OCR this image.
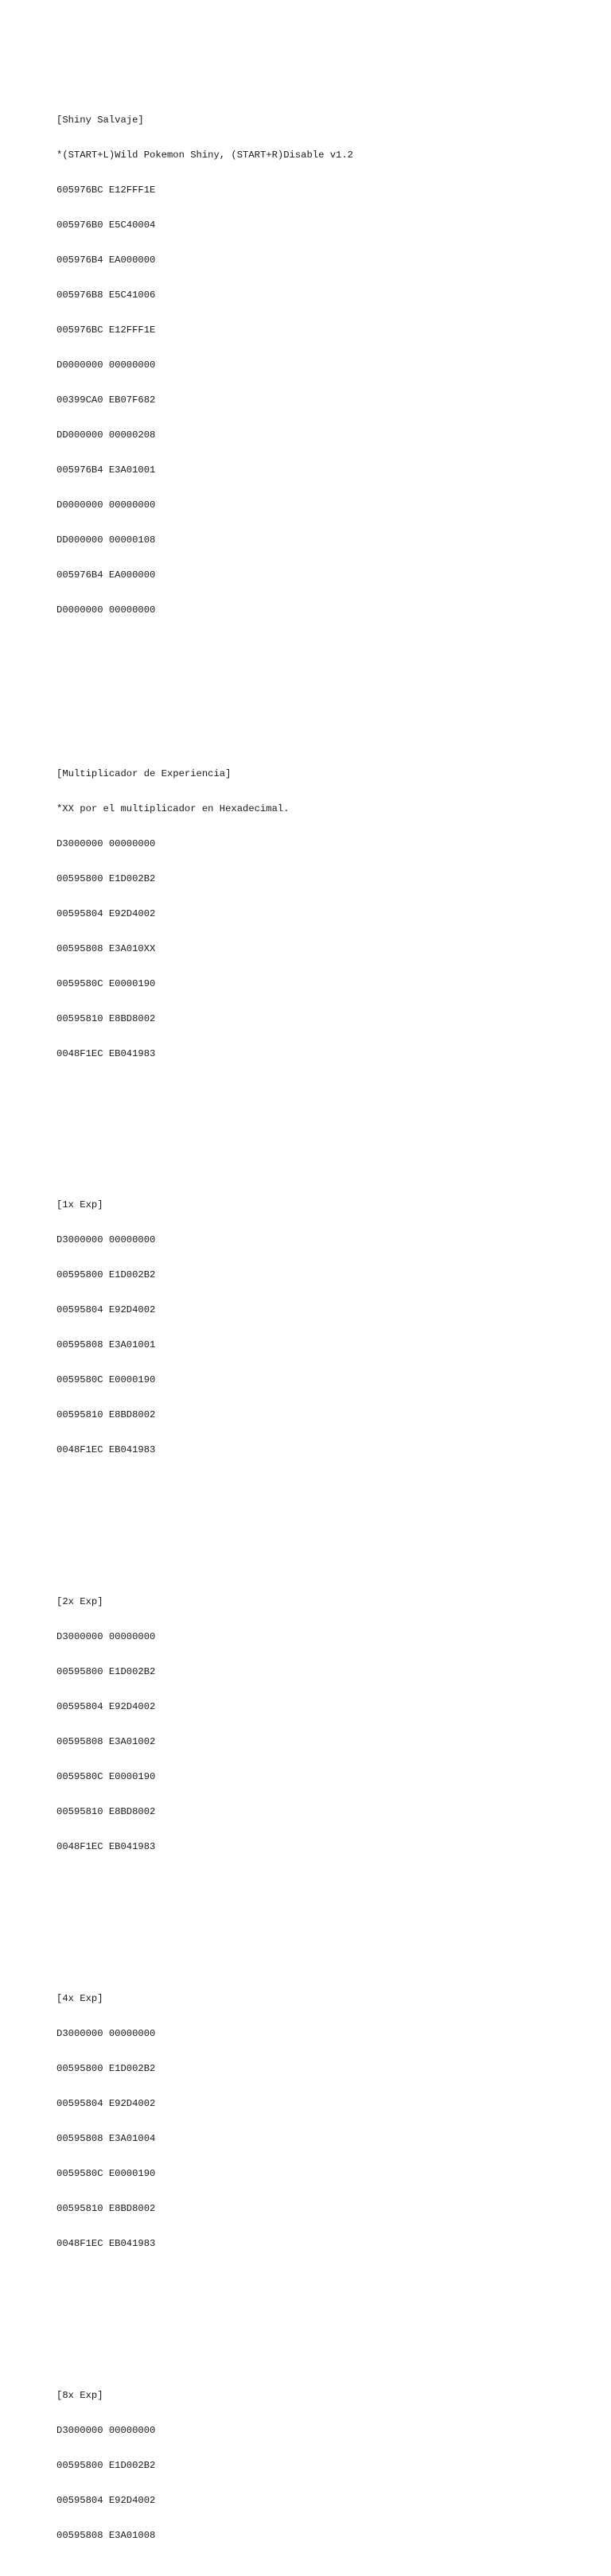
[Shiny Salvaje]

*(START+L)Wild Pokemon Shiny, (START+R)Disable v1.2

605976BC E12FFF1E

005976B0 E5C40004

005976B4 EA000000

005976B8 E5C41006

005976BC E12FFF1E

D0000000 00000000

00399CA0 EB07F682

DD000000 00000208

005976B4 E3A01001

D0000000 00000000

DD000000 00000108

005976B4 EA000000

D0000000 00000000

[Multiplicador de Experiencia]

*XX por el multiplicador en Hexadecimal.

D3000000 00000000

00595800 E1D002B2

00595804 E92D4002

00595808 E3A010XX

0059580C E0000190

00595810 E8BD8002

0048F1EC EB041983

[1x Exp]

D3000000 00000000

00595800 E1D002B2

00595804 E92D4002

00595808 E3A01001

0059580C E0000190

00595810 E8BD8002

0048F1EC EB041983

[2x Exp]

D3000000 00000000

00595800 E1D002B2

00595804 E92D4002

00595808 E3A01002

0059580C E0000190

00595810 E8BD8002

0048F1EC EB041983

[4x Exp]

D3000000 00000000

00595800 E1D002B2

00595804 E92D4002

00595808 E3A01004

0059580C E0000190

00595810 E8BD8002

0048F1EC EB041983

[8x Exp]

D3000000 00000000

00595800 E1D002B2

00595804 E92D4002

00595808 E3A01008
